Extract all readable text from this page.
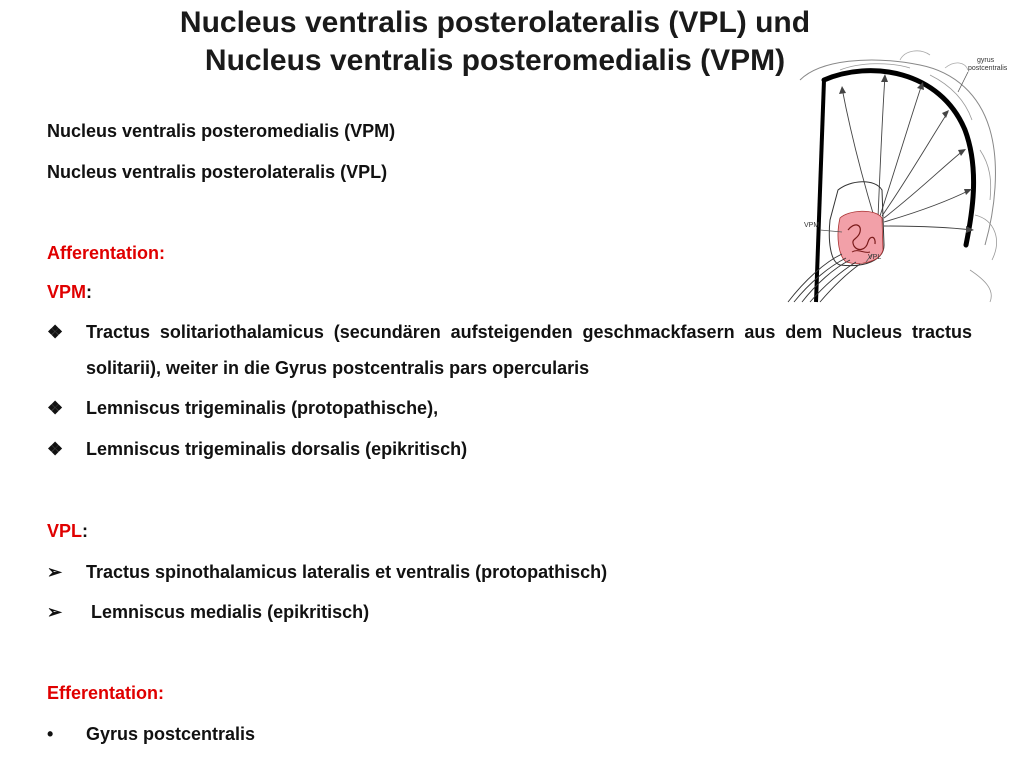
Nucleus ventralis posterolateralis (VPL) und
Nucleus ventralis posteromedialis (VPM)	gyrus
postcentralis
VPM
VPL
Nucleus ventralis posteromedialis (VPM)
Nucleus ventralis posterolateralis (VPL)
Afferentation:
VPM:
❖	Tractus solitariothalamicus (secundären aufsteigenden geschmackfasern aus dem Nucleus tractus solitarii), weiter in die Gyrus postcentralis pars opercularis
❖	Lemniscus trigeminalis (protopathische),
❖	Lemniscus trigeminalis dorsalis (epikritisch)
VPL:
➢	Tractus spinothalamicus lateralis et ventralis (protopathisch)
➢	Lemniscus medialis (epikritisch)
Efferentation:
•	Gyrus postcentralis
